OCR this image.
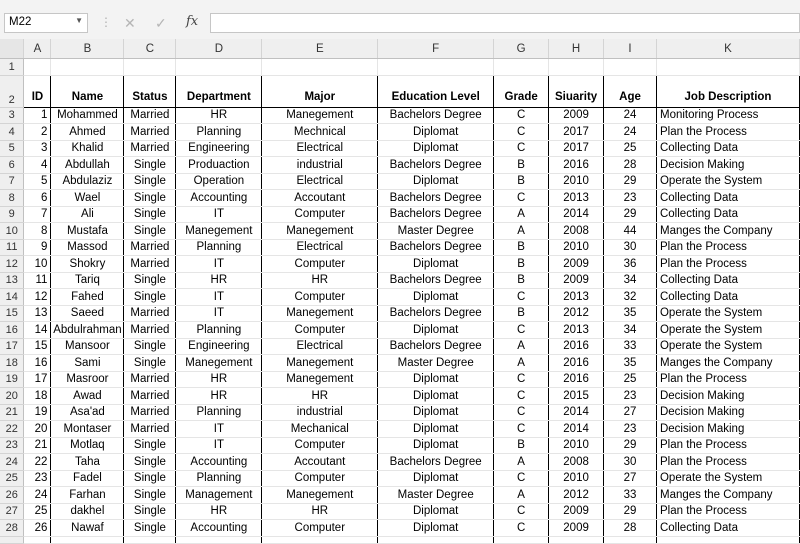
M22	▼ ⋮ ✕ ✓ fx
	A	B	C	D	E	F	G	H	I	K
1										
2	ID	Name	Status	Department	Major	Education Level	Grade	Siuarity	Age	Job Description
3	1	Mohammed	Married	HR	Manegement	Bachelors Degree	C	2009	24	Monitoring Process
4	2	Ahmed	Married	Planning	Mechnical	Diplomat	C	2017	24	Plan the Process
5	3	Khalid	Married	Engineering	Electrical	Diplomat	C	2017	25	Collecting Data
6	4	Abdullah	Single	Produaction	industrial	Bachelors Degree	B	2016	28	Decision Making
7	5	Abdulaziz	Single	Operation	Electrical	Diplomat	B	2010	29	Operate the System
8	6	Wael	Single	Accounting	Accoutant	Bachelors Degree	C	2013	23	Collecting Data
9	7	Ali	Single	IT	Computer	Bachelors Degree	A	2014	29	Collecting Data
10	8	Mustafa	Single	Manegement	Manegement	Master Degree	A	2008	44	Manges the Company
11	9	Massod	Married	Planning	Electrical	Bachelors Degree	B	2010	30	Plan the Process
12	10	Shokry	Married	IT	Computer	Diplomat	B	2009	36	Plan the Process
13	11	Tariq	Single	HR	HR	Bachelors Degree	B	2009	34	Collecting Data
14	12	Fahed	Single	IT	Computer	Diplomat	C	2013	32	Collecting Data
15	13	Saeed	Married	IT	Manegement	Bachelors Degree	B	2012	35	Operate the System
16	14	Abdulrahman	Married	Planning	Computer	Diplomat	C	2013	34	Operate the System
17	15	Mansoor	Single	Engineering	Electrical	Bachelors Degree	A	2016	33	Operate the System
18	16	Sami	Single	Manegement	Manegement	Master Degree	A	2016	35	Manges the Company
19	17	Masroor	Married	HR	Manegement	Diplomat	C	2016	25	Plan the Process
20	18	Awad	Married	HR	HR	Diplomat	C	2015	23	Decision Making
21	19	Asa'ad	Married	Planning	industrial	Diplomat	C	2014	27	Decision Making
22	20	Montaser	Married	IT	Mechanical	Diplomat	C	2014	23	Decision Making
23	21	Motlaq	Single	IT	Computer	Diplomat	B	2010	29	Plan the Process
24	22	Taha	Single	Accounting	Accoutant	Bachelors Degree	A	2008	30	Plan the Process
25	23	Fadel	Single	Planning	Computer	Diplomat	C	2010	27	Operate the System
26	24	Farhan	Single	Management	Manegement	Master Degree	A	2012	33	Manges the Company
27	25	dakhel	Single	HR	HR	Diplomat	C	2009	29	Plan the Process
28	26	Nawaf	Single	Accounting	Computer	Diplomat	C	2009	28	Collecting Data
